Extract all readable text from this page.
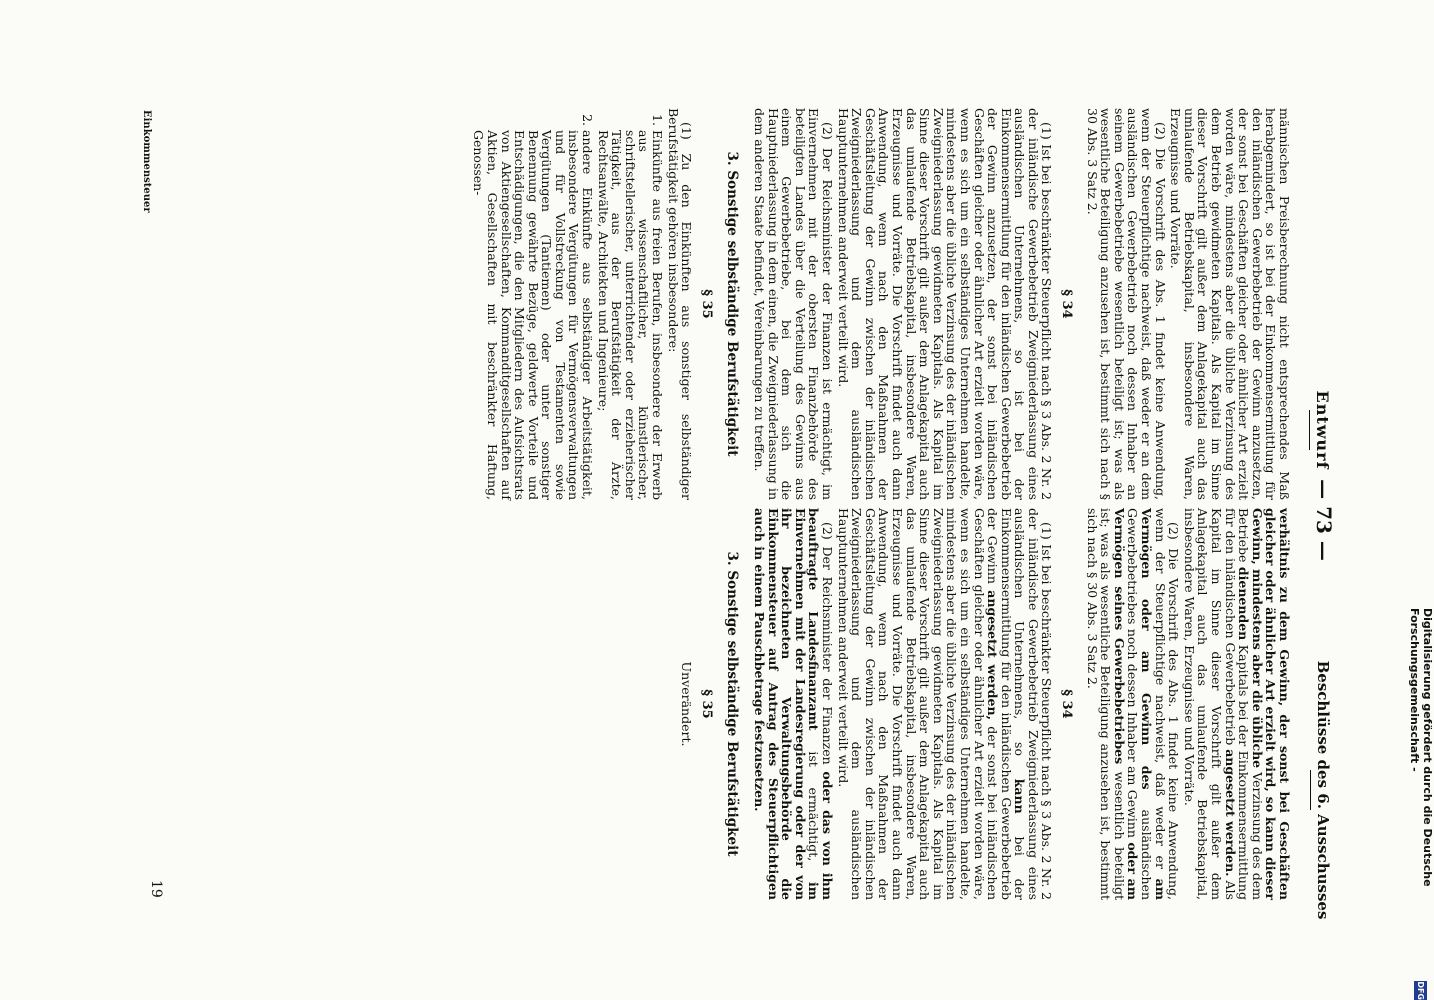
Digitalisierung gefördert durch die Deutsche Forschungsgemeinschaft -
DFG
Entwurf
— 73 —
Beschlüsse des 6. Ausschusses

männischen Preisberechnung nicht entsprechendes Maß herabgemindert, so ist bei der Einkommensermittlung für den inländischen Gewerbebetrieb der Gewinn anzusetzen, der sonst bei Geschäften gleicher oder ähnlicher Art erzielt worden wäre, mindestens aber die übliche Verzinsung des dem Betrieb gewidmeten Kapitals. Als Kapital im Sinne dieser Vorschrift gilt außer dem Anlagekapital auch das umlaufende Betriebskapital, insbesondere Waren, Erzeugnisse und Vorräte.

(2) Die Vorschrift des Abs. 1 findet keine Anwendung, wenn der Steuerpflichtige nachweist, daß weder er an dem ausländischen Gewerbebetrieb noch dessen Inhaber an seinem Gewerbebetriebe wesentlich beteiligt ist; was als wesentliche Beteiligung anzusehen ist, bestimmt sich nach § 30 Abs. 3 Satz 2.

§ 34

(1) Ist bei beschränkter Steuerpflicht nach § 3 Abs. 2 Nr. 2 der inländische Gewerbebetrieb Zweigniederlassung eines ausländischen Unternehmens, so ist bei der Einkommensermittlung für den inländischen Gewerbebetrieb der Gewinn anzusetzen, der sonst bei inländischen Geschäften gleicher oder ähnlicher Art erzielt worden wäre, wenn es sich um ein selbständiges Unternehmen handelte, mindestens aber die übliche Verzinsung des der inländischen Zweigniederlassung gewidmeten Kapitals. Als Kapital im Sinne dieser Vorschrift gilt außer dem Anlagekapital auch das umlaufende Betriebskapital, insbesondere Waren, Erzeugnisse und Vorräte. Die Vorschrift findet auch dann Anwendung, wenn nach den Maßnahmen der Geschäftsleitung der Gewinn zwischen der inländischen Zweigniederlassung und dem ausländischen Hauptunternehmen anderweit verteilt wird.

(2) Der Reichsminister der Finanzen ist ermächtigt, im Einvernehmen mit der obersten Finanzbehörde des beteiligten Landes über die Verteilung des Gewinns aus einem Gewerbebetriebe, bei dem sich die Hauptniederlassung in dem einen, die Zweigniederlassung in dem anderen Staate befindet, Vereinbarungen zu treffen.

3. Sonstige selbständige Berufstätigkeit
§ 35

(1) Zu den Einkünften aus sonstiger selbständiger Berufstätigkeit gehören insbesondere:

1. Einkünfte aus freien Berufen, insbesondere der Erwerb aus wissenschaftlicher, künstlerischer, schriftstellerischer, unterrichtender oder erzieherischer Tätigkeit, aus der Berufstätigkeit der Ärzte, Rechtsanwälte, Architekten und Ingenieure;
2. andere Einkünfte aus selbständiger Arbeitstätigkeit, insbesondere Vergütungen für Vermögensverwaltungen und für Vollstreckung von Testamenten sowie Vergütungen (Tantiemen) oder unter sonstiger Benennung gewährte Bezüge, geldwerte Vorteile und Entschädigungen, die den Mitgliedern des Aufsichtsrats von Aktiengesellschaften, Kommanditgesellschaften auf Aktien, Gesellschaften mit beschränkter Haftung, Genossen-

verhältnis zu dem Gewinn, der sonst bei Geschäften gleicher oder ähnlicher Art erzielt wird, so kann dieser Gewinn, mindestens aber die übliche Verzinsung des dem Betriebe dienenden Kapitals bei der Einkommensermittlung für den inländischen Gewerbebetrieb angesetzt werden. Als Kapital im Sinne dieser Vorschrift gilt außer dem Anlagekapital auch das umlaufende Betriebskapital, insbesondere Waren, Erzeugnisse und Vorräte.

(2) Die Vorschrift des Abs. 1 findet keine Anwendung, wenn der Steuerpflichtige nachweist, daß weder er am Vermögen oder am Gewinn des ausländischen Gewerbebetriebes noch dessen Inhaber am Gewinn oder am Vermögen seines Gewerbebetriebes wesentlich beteiligt ist; was als wesentliche Beteiligung anzusehen ist, bestimmt sich nach § 30 Abs. 3 Satz 2.

§ 34

(1) Ist bei beschränkter Steuerpflicht nach § 3 Abs. 2 Nr. 2 der inländische Gewerbebetrieb Zweigniederlassung eines ausländischen Unternehmens, so kann bei der Einkommensermittlung für den inländischen Gewerbebetrieb der Gewinn angesetzt werden, der sonst bei inländischen Geschäften gleicher oder ähnlicher Art erzielt worden wäre, wenn es sich um ein selbständiges Unternehmen handelte, mindestens aber die übliche Verzinsung des der inländischen Zweigniederlassung gewidmeten Kapitals. Als Kapital im Sinne dieser Vorschrift gilt außer dem Anlagekapital auch das umlaufende Betriebskapital, insbesondere Waren, Erzeugnisse und Vorräte. Die Vorschrift findet auch dann Anwendung, wenn nach den Maßnahmen der Geschäftsleitung der Gewinn zwischen der inländischen Zweigniederlassung und dem ausländischen Hauptunternehmen anderweit verteilt wird.

(2) Der Reichsminister der Finanzen oder das von ihm beauftragte Landesfinanzamt ist ermächtigt, im Einvernehmen mit der Landesregierung oder der von ihr bezeichneten Verwaltungsbehörde die Einkommensteuer auf Antrag des Steuerpflichtigen auch in einem Pauschbetrage festzusetzen.

3. Sonstige selbständige Berufstätigkeit
§ 35
Unverändert.
Einkommensteuer
19
